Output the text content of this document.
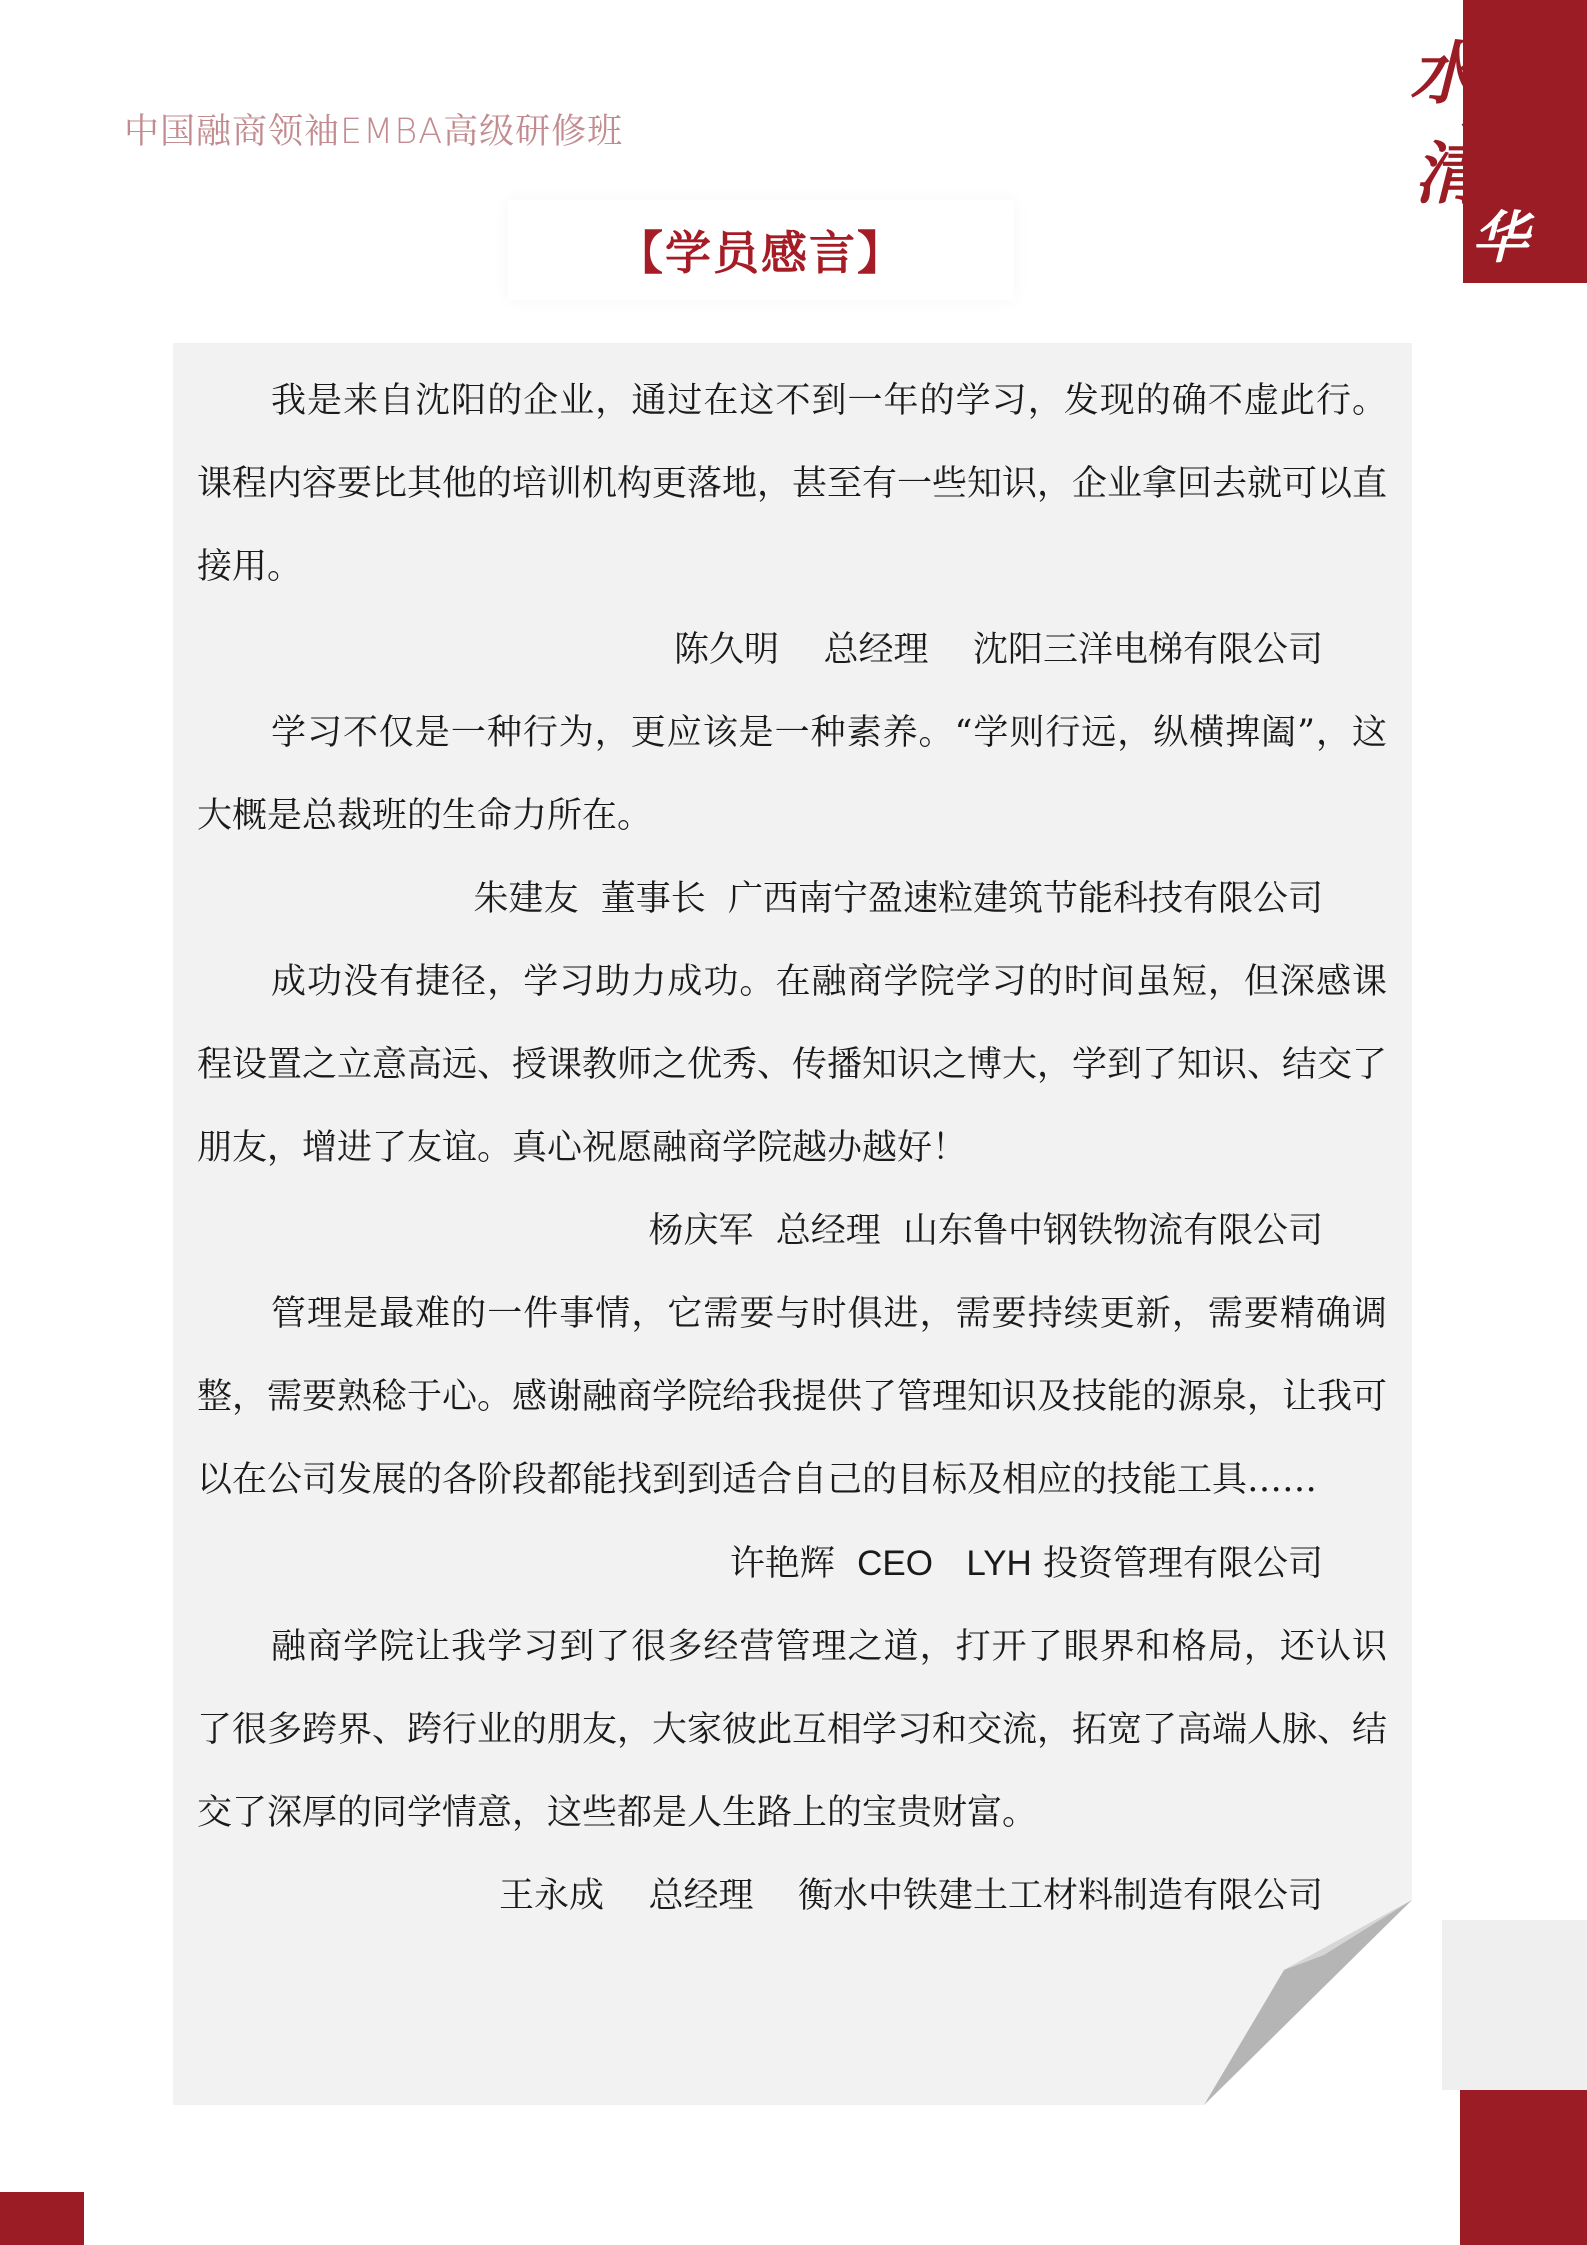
中国融商领袖EMBA高级研修班
水
木
清
华
【学员感言】

我是来自沈阳的企业，通过在这不到一年的学习，发现的确不虚此行。课程内容要比其他的培训机构更落地，甚至有一些知识，企业拿回去就可以直接用。

陈久明    总经理    沈阳三洋电梯有限公司

学习不仅是一种行为，更应该是一种素养。“学则行远，纵横捭阖”，这大概是总裁班的生命力所在。

朱建友  董事长  广西南宁盈速粒建筑节能科技有限公司

成功没有捷径，学习助力成功。在融商学院学习的时间虽短，但深感课程设置之立意高远、授课教师之优秀、传播知识之博大，学到了知识、结交了朋友，增进了友谊。真心祝愿融商学院越办越好！

杨庆军  总经理  山东鲁中钢铁物流有限公司

管理是最难的一件事情，它需要与时俱进，需要持续更新，需要精确调整，需要熟稔于心。感谢融商学院给我提供了管理知识及技能的源泉，让我可以在公司发展的各阶段都能找到到适合自己的目标及相应的技能工具……

许艳辉 CEO LYH 投资管理有限公司

融商学院让我学习到了很多经营管理之道，打开了眼界和格局，还认识了很多跨界、跨行业的朋友，大家彼此互相学习和交流，拓宽了高端人脉、结交了深厚的同学情意，这些都是人生路上的宝贵财富。

王永成    总经理    衡水中铁建土工材料制造有限公司
